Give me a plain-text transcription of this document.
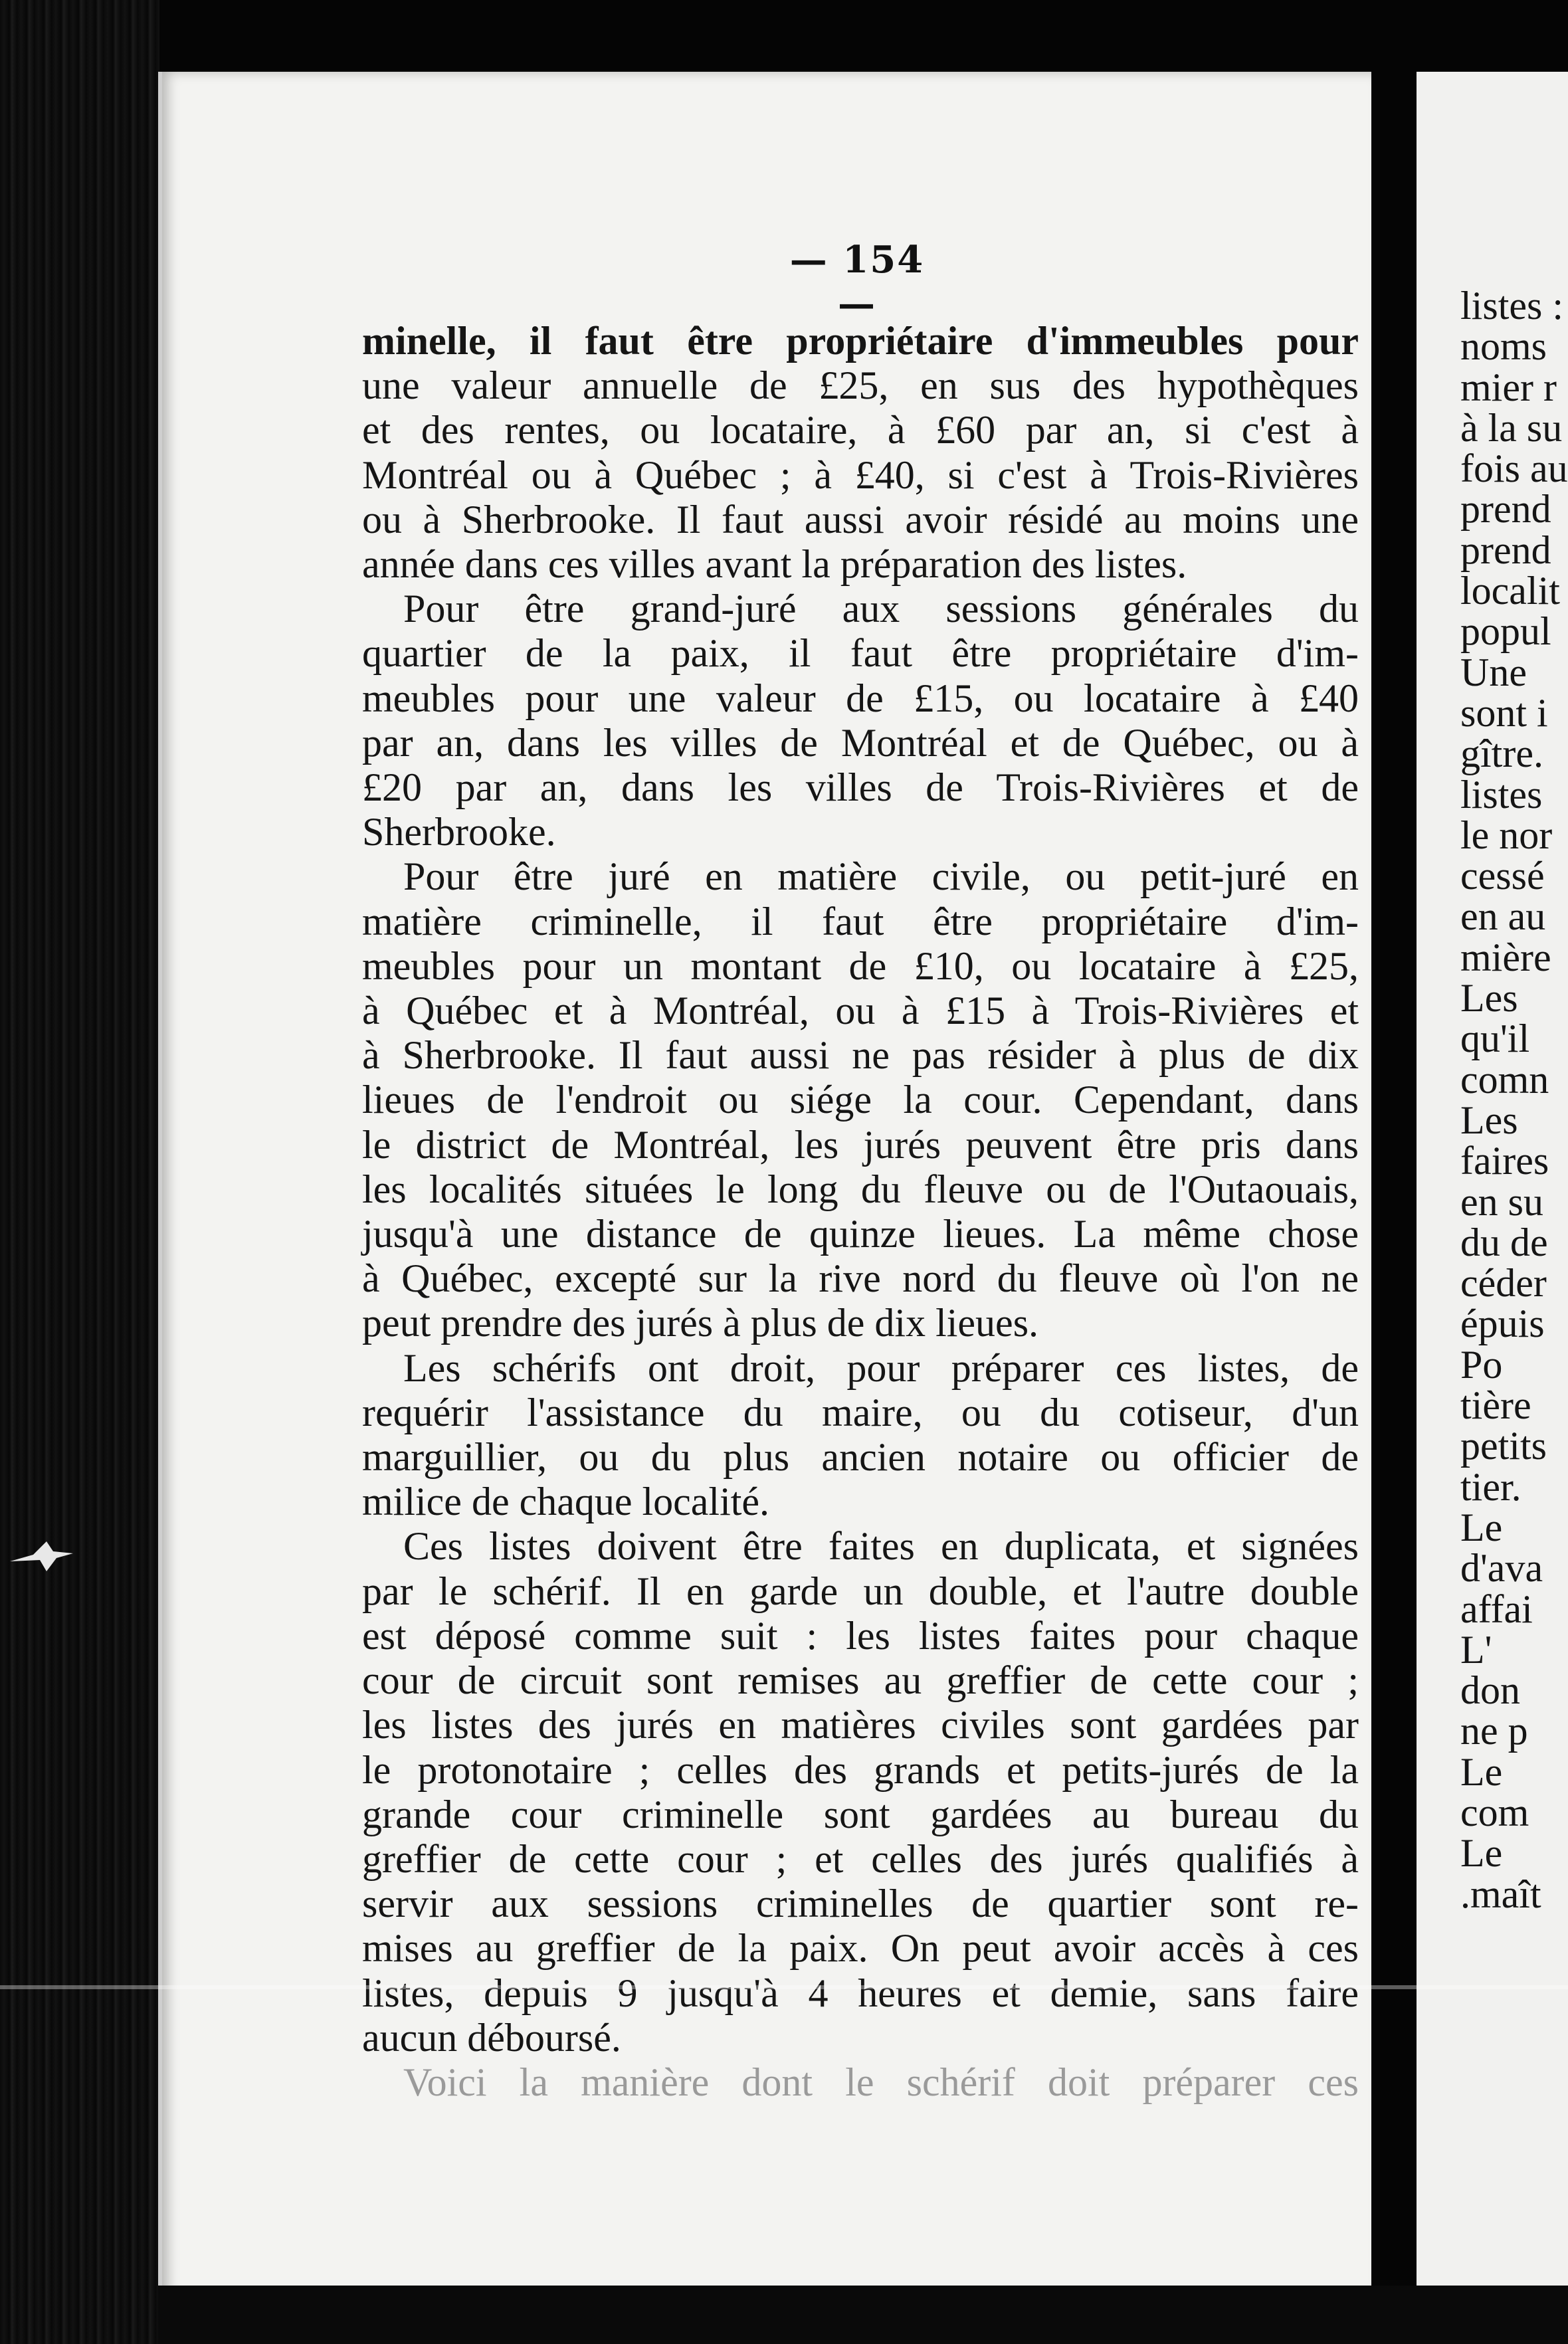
— 154 —
minelle, il faut être propriétaire d'immeubles pour
une valeur annuelle de £25, en sus des hypothèques
et des rentes, ou locataire, à £60 par an, si c'est à
Montréal ou à Québec ; à £40, si c'est à Trois-Rivières
ou à Sherbrooke. Il faut aussi avoir résidé au moins une
année dans ces villes avant la préparation des listes.
Pour être grand-juré aux sessions générales du
quartier de la paix, il faut être propriétaire d'im-
meubles pour une valeur de £15, ou locataire à £40
par an, dans les villes de Montréal et de Québec, ou à
£20 par an, dans les villes de Trois-Rivières et de
Sherbrooke.
Pour être juré en matière civile, ou petit-juré en
matière criminelle, il faut être propriétaire d'im-
meubles pour un montant de £10, ou locataire à £25,
à Québec et à Montréal, ou à £15 à Trois-Rivières et
à Sherbrooke. Il faut aussi ne pas résider à plus de dix
lieues de l'endroit ou siége la cour. Cependant, dans
le district de Montréal, les jurés peuvent être pris dans
les localités situées le long du fleuve ou de l'Outaouais,
jusqu'à une distance de quinze lieues. La même chose
à Québec, excepté sur la rive nord du fleuve où l'on ne
peut prendre des jurés à plus de dix lieues.
Les schérifs ont droit, pour préparer ces listes, de
requérir l'assistance du maire, ou du cotiseur, d'un
marguillier, ou du plus ancien notaire ou officier de
milice de chaque localité.
Ces listes doivent être faites en duplicata, et signées
par le schérif. Il en garde un double, et l'autre double
est déposé comme suit : les listes faites pour chaque
cour de circuit sont remises au greffier de cette cour ;
les listes des jurés en matières civiles sont gardées par
le protonotaire ; celles des grands et petits-jurés de la
grande cour criminelle sont gardées au bureau du
greffier de cette cour ; et celles des jurés qualifiés à
servir aux sessions criminelles de quartier sont re-
mises au greffier de la paix. On peut avoir accès à ces
listes, depuis 9 jusqu'à 4 heures et demie, sans faire
aucun déboursé.
Voici la manière dont le schérif doit préparer ces
listes :
noms
mier r
à la su
fois au
prend
prend
localit
popul
Une
sont i
gître.
listes
le nor
cessé
en au
mière
Les
qu'il
comn
Les
faires
en su
du de
céder
épuis
Po
tière
petits
tier.
Le
d'ava
affai
L'
don
ne p
Le
com
Le
.maît
